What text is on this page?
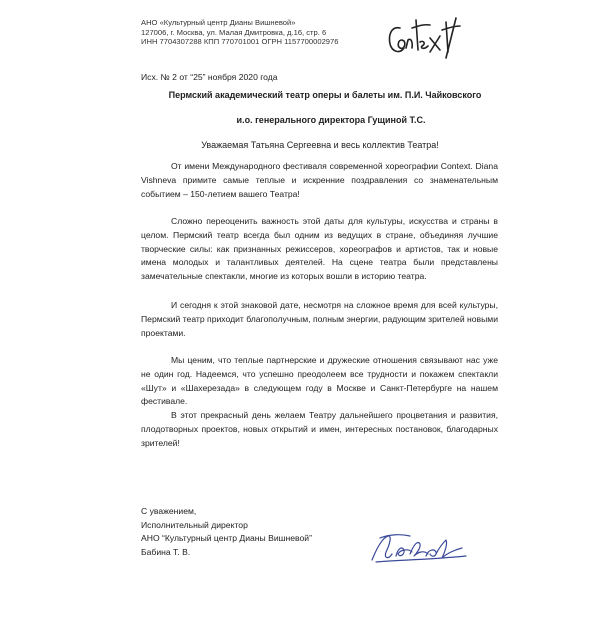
АНО «Культурный центр Дианы Вишневой»
127006, г. Москва, ул. Малая Дмитровка, д.16, стр. 6
ИНН 7704307288 КПП 770701001 ОГРН 1157700002976
Исх. № 2 от “25” ноября 2020 года
Пермский академический театр оперы и балеты им. П.И. Чайковского
и.о. генерального директора Гущиной Т.С.
Уважаемая Татьяна Сергеевна и весь коллектив Театра!

От имени Международного фестиваля современной хореографии Context. Diana Vishneva примите самые теплые и искренние поздравления со знаменательным событием – 150-летием вашего Театра!

Сложно переоценить важность этой даты для культуры, искусства и страны в целом. Пермский театр всегда был одним из ведущих в стране, объединяя лучшие творческие силы: как признанных режиссеров, хореографов и артистов, так и новые имена молодых и талантливых деятелей. На сцене театра были представлены замечательные спектакли, многие из которых вошли в историю театра.

И сегодня к этой знаковой дате, несмотря на сложное время для всей культуры, Пермский театр приходит благополучным, полным энергии, радующим зрителей новыми проектами.

Мы ценим, что теплые партнерские и дружеские отношения связывают нас уже не один год. Надеемся, что успешно преодолеем все трудности и покажем спектакли «Шут» и «Шахерезада» в следующем году в Москве и Санкт-Петербурге на нашем фестивале.

В этот прекрасный день желаем Театру дальнейшего процветания и развития, плодотворных проектов, новых открытий и имен, интересных постановок, благодарных зрителей!

С уважением,
Исполнительный директор
АНО “Культурный центр Дианы Вишневой”
Бабина Т. В.
